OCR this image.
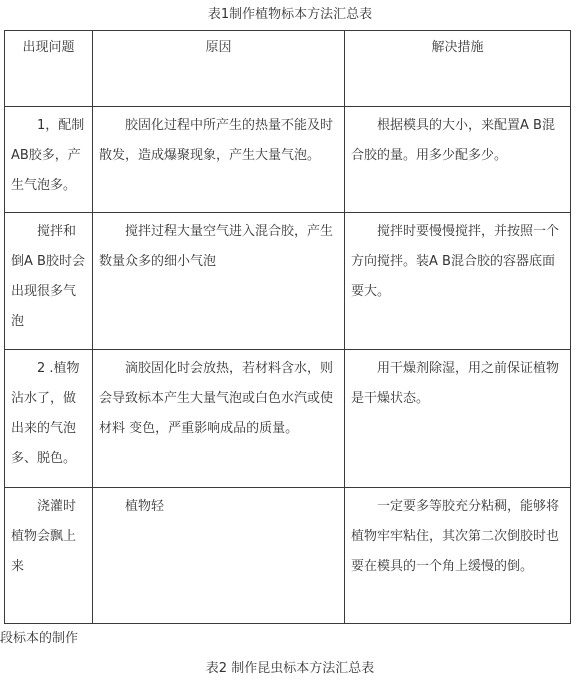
表1制作植物标本方法汇总表
出现问题	原因	解决措施

1，配制AB胶多，产生气泡多。	胶固化过程中所产生的热量不能及时散发，造成爆聚现象，产生大量气泡。	根据模具的大小，来配置A B混合胶的量。用多少配多少。

搅拌和倒A B胶时会出现很多气泡	搅拌过程大量空气进入混合胶，产生数量众多的细小气泡	搅拌时要慢慢搅拌，并按照一个方向搅拌。装A B混合胶的容器底面要大。

2 .植物沾水了，做出来的气泡多、脱色。	滴胶固化时会放热，若材料含水，则会导致标本产生大量气泡或白色水汽或使材料 变色，严重影响成品的质量。	用干燥剂除湿，用之前保证植物是干燥状态。

浇灌时植物会飘上来	植物轻	一定要多等胶充分粘稠，能够将植物牢牢粘住，其次第二次倒胶时也要在模具的一个角上缓慢的倒。
段标本的制作
表2 制作昆虫标本方法汇总表
